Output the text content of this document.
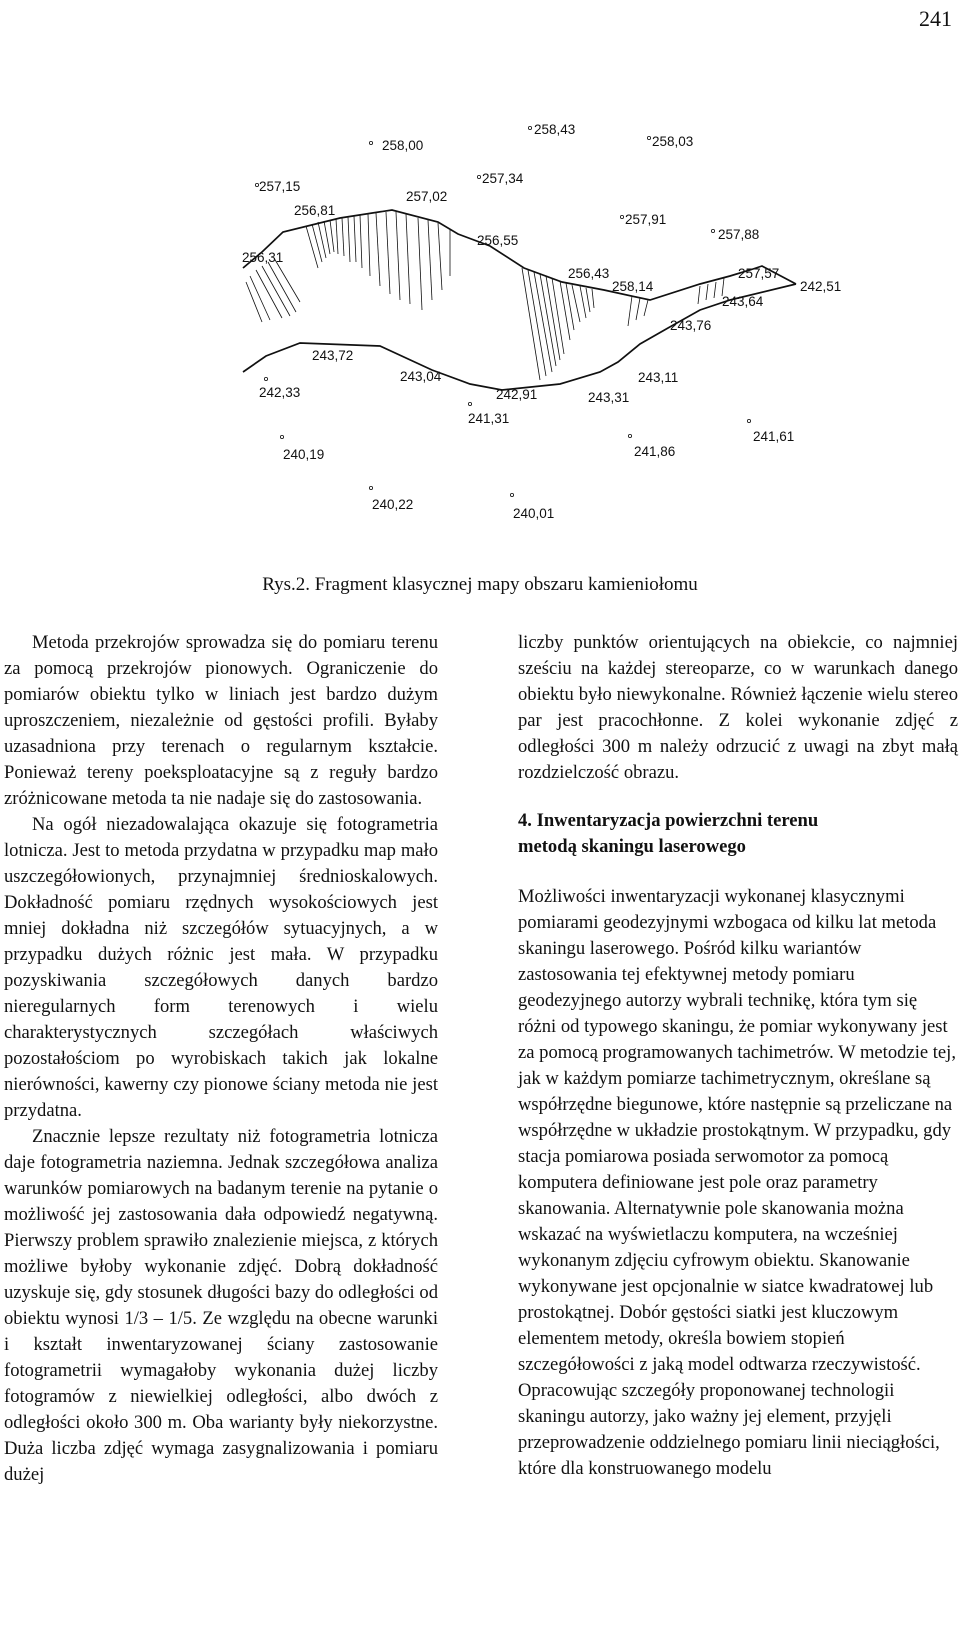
241
258,43
258,00	258,03
257,34
257,15
257,02
256,81
257,91
257,88
256,55
256,31
256,43
258,14
257,57
242,51
243,64
243,76
243,72
243,04	243,11
242,33	242,91	243,31
241,31
241,61
240,19	241,86
240,22
240,01
Rys.2. Fragment klasycznej mapy obszaru kamieniołomu

Metoda przekrojów sprowadza się do pomiaru terenu za pomocą przekrojów pionowych. Ograniczenie do pomiarów obiektu tylko w liniach jest bardzo dużym uproszczeniem, niezależnie od gęstości profili. Byłaby uzasadniona przy terenach o regularnym kształcie. Ponieważ tereny poeksploatacyjne są z reguły bardzo zróżnicowane metoda ta nie nadaje się do zastosowania.

Na ogół niezadowalająca okazuje się fotogrametria lotnicza. Jest to metoda przydatna w przypadku map mało uszczegółowionych, przynajmniej średnioskalowych. Dokładność pomiaru rzędnych wysokościowych jest mniej dokładna niż szczegółów sytuacyjnych, a w przypadku dużych różnic jest mała. W przypadku pozyskiwania szczegółowych danych bardzo nieregularnych form terenowych i wielu charakterystycznych szczegółach właściwych pozostałościom po wyrobiskach takich jak lokalne nierówności, kawerny czy pionowe ściany metoda nie jest przydatna.

Znacznie lepsze rezultaty niż fotogrametria lotnicza daje fotogrametria naziemna. Jednak szczegółowa analiza warunków pomiarowych na badanym terenie na pytanie o możliwość jej zastosowania dała odpowiedź negatywną. Pierwszy problem sprawiło znalezienie miejsca, z których możliwe byłoby wykonanie zdjęć. Dobrą dokładność uzyskuje się, gdy stosunek długości bazy do odległości od obiektu wynosi 1/3 – 1/5. Ze względu na obecne warunki i kształt inwentaryzowanej ściany zastosowanie fotogrametrii wymagałoby wykonania dużej liczby fotogramów z niewielkiej odległości, albo dwóch z odległości około 300 m. Oba warianty były niekorzystne. Duża liczba zdjęć wymaga zasygnalizowania i pomiaru dużej

liczby punktów orientujących na obiekcie, co najmniej sześciu na każdej stereoparze, co w warunkach danego obiektu było niewykonalne. Również łączenie wielu stereo par jest pracochłonne. Z kolei wykonanie zdjęć z odległości 300 m należy odrzucić z uwagi na zbyt małą rozdzielczość obrazu.

4. Inwentaryzacja powierzchni terenu
metodą skaningu laserowego

Możliwości inwentaryzacji wykonanej klasycznymi pomiarami geodezyjnymi wzbogaca od kilku lat metoda skaningu laserowego. Pośród kilku wariantów zastosowania tej efektywnej metody pomiaru geodezyjnego autorzy wybrali technikę, która tym się różni od typowego skaningu, że pomiar wykonywany jest za pomocą programowanych tachimetrów. W metodzie tej, jak w każdym pomiarze tachimetrycznym, określane są współrzędne biegunowe, które następnie są przeliczane na współrzędne w układzie prostokątnym. W przypadku, gdy stacja pomiarowa posiada serwomotor za pomocą komputera definiowane jest pole oraz parametry skanowania. Alternatywnie pole skanowania można wskazać na wyświetlaczu komputera, na wcześniej wykonanym zdjęciu cyfrowym obiektu. Skanowanie wykonywane jest opcjonalnie w siatce kwadratowej lub prostokątnej. Dobór gęstości siatki jest kluczowym elementem metody, określa bowiem stopień szczegółowości z jaką model odtwarza rzeczywistość. Opracowując szczegóły proponowanej technologii skaningu autorzy, jako ważny jej element, przyjęli przeprowadzenie oddzielnego pomiaru linii nieciągłości, które dla konstruowanego modelu
